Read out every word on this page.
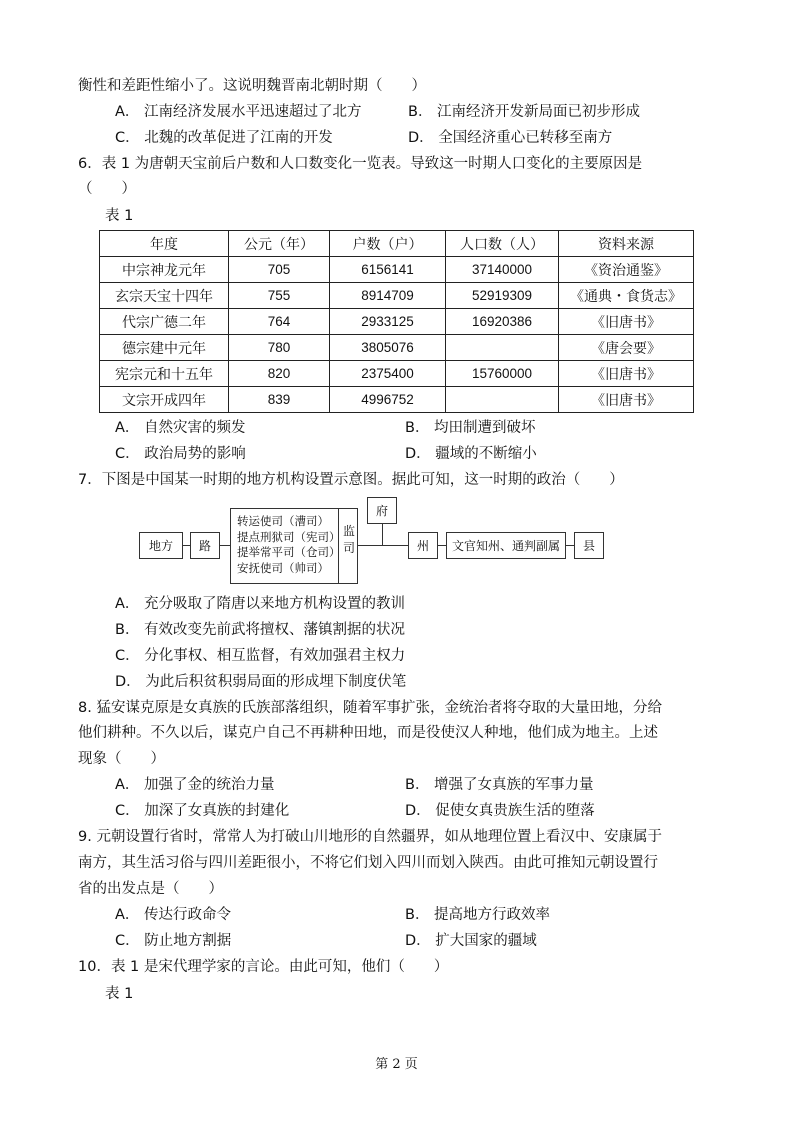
衡性和差距性缩小了。这说明魏晋南北朝时期（　　）
A． 江南经济发展水平迅速超过了北方	B． 江南经济开发新局面已初步形成
C． 北魏的改革促进了江南的开发	D． 全国经济重心已转移至南方
6．表 1 为唐朝天宝前后户数和人口数变化一览表。导致这一时期人口变化的主要原因是
（　　）
表 1
年度	公元（年）	户数（户）	人口数（人）	资料来源
中宗神龙元年	705	6156141	37140000	《资治通鉴》
玄宗天宝十四年	755	8914709	52919309	《通典・食货志》
代宗广德二年	764	2933125	16920386	《旧唐书》
德宗建中元年	780	3805076		《唐会要》
宪宗元和十五年	820	2375400	15760000	《旧唐书》
文宗开成四年	839	4996752		《旧唐书》
A． 自然灾害的频发	B． 均田制遭到破坏
C． 政治局势的影响	D． 疆域的不断缩小
7．下图是中国某一时期的地方机构设置示意图。据此可知，这一时期的政治（　　）
地方	路
转运使司（漕司）
提点刑狱司（宪司）
提举常平司（仓司）
安抚使司（帅司）
监司
府
州	文官知州、通判副属	县
A． 充分吸取了隋唐以来地方机构设置的教训
B． 有效改变先前武将擅权、藩镇割据的状况
C． 分化事权、相互监督，有效加强君主权力
D． 为此后积贫积弱局面的形成埋下制度伏笔
8. 猛安谋克原是女真族的氏族部落组织，随着军事扩张，金统治者将夺取的大量田地，分给
他们耕种。不久以后，谋克户自己不再耕种田地，而是役使汉人种地，他们成为地主。上述
现象（　　）
A． 加强了金的统治力量	B． 增强了女真族的军事力量
C． 加深了女真族的封建化	D． 促使女真贵族生活的堕落
9. 元朝设置行省时，常常人为打破山川地形的自然疆界，如从地理位置上看汉中、安康属于
南方，其生活习俗与四川差距很小，不将它们划入四川而划入陕西。由此可推知元朝设置行
省的出发点是（　　）
A． 传达行政命令	B． 提高地方行政效率
C． 防止地方割据	D． 扩大国家的疆域
10．表 1 是宋代理学家的言论。由此可知，他们（　　）
表 1
第 2 页
